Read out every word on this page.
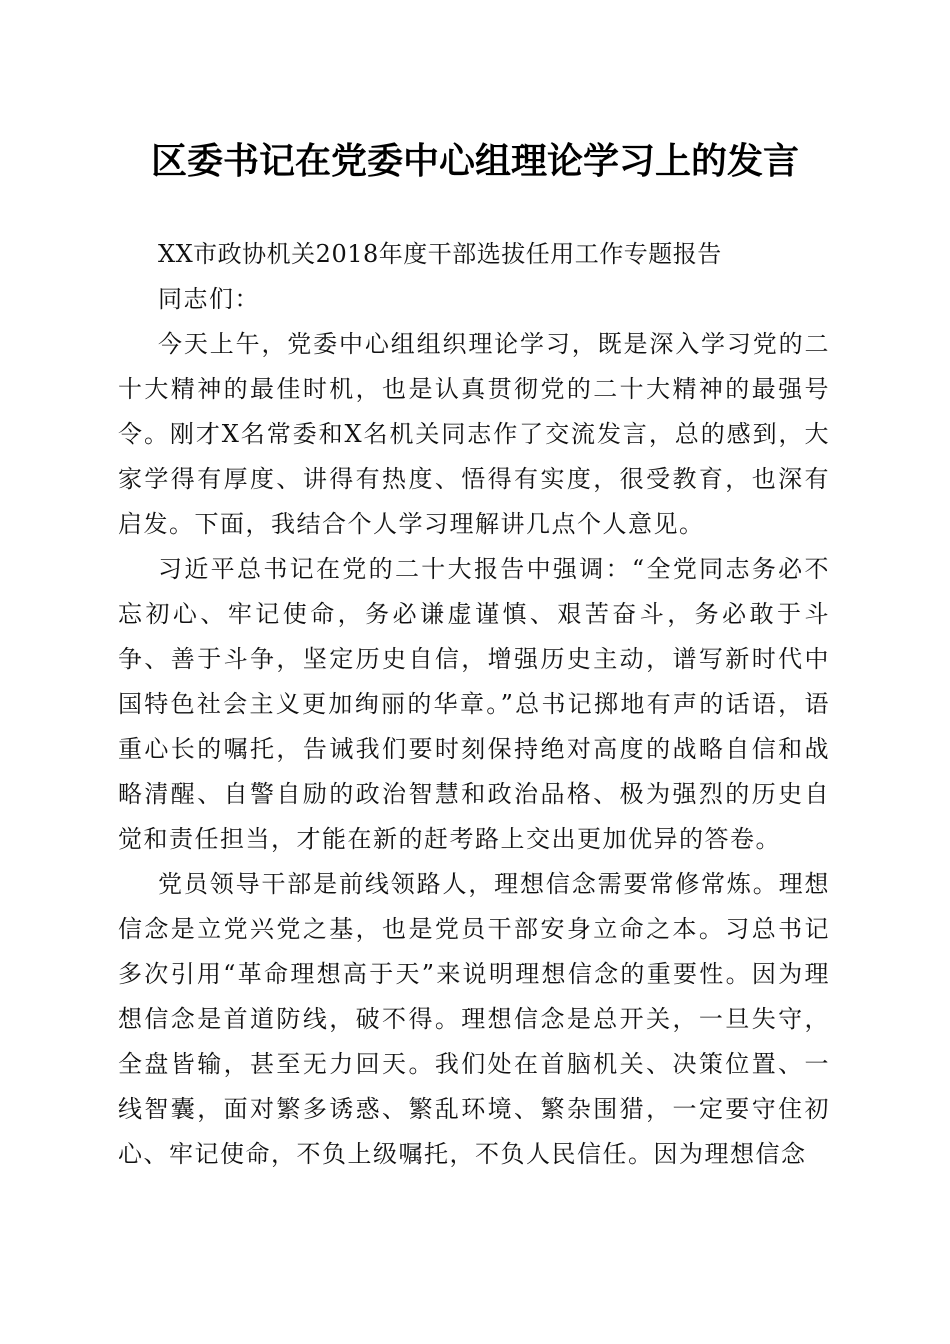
区委书记在党委中心组理论学习上的发言

XX市政协机关2018年度干部选拔任用工作专题报告

同志们：

今天上午，党委中心组组织理论学习，既是深入学习党的二十大精神的最佳时机，也是认真贯彻党的二十大精神的最强号令。刚才X名常委和X名机关同志作了交流发言，总的感到，大家学得有厚度、讲得有热度、悟得有实度，很受教育，也深有启发。下面，我结合个人学习理解讲几点个人意见。

习近平总书记在党的二十大报告中强调：“全党同志务必不忘初心、牢记使命，务必谦虚谨慎、艰苦奋斗，务必敢于斗争、善于斗争，坚定历史自信，增强历史主动，谱写新时代中国特色社会主义更加绚丽的华章。”总书记掷地有声的话语，语重心长的嘱托，告诫我们要时刻保持绝对高度的战略自信和战略清醒、自警自励的政治智慧和政治品格、极为强烈的历史自觉和责任担当，才能在新的赶考路上交出更加优异的答卷。

党员领导干部是前线领路人，理想信念需要常修常炼。理想信念是立党兴党之基，也是党员干部安身立命之本。习总书记多次引用“革命理想高于天”来说明理想信念的重要性。因为理想信念是首道防线，破不得。理想信念是总开关，一旦失守，全盘皆输，甚至无力回天。我们处在首脑机关、决策位置、一线智囊，面对繁多诱惑、繁乱环境、繁杂围猎，一定要守住初心、牢记使命，不负上级嘱托，不负人民信任。因为理想信念
